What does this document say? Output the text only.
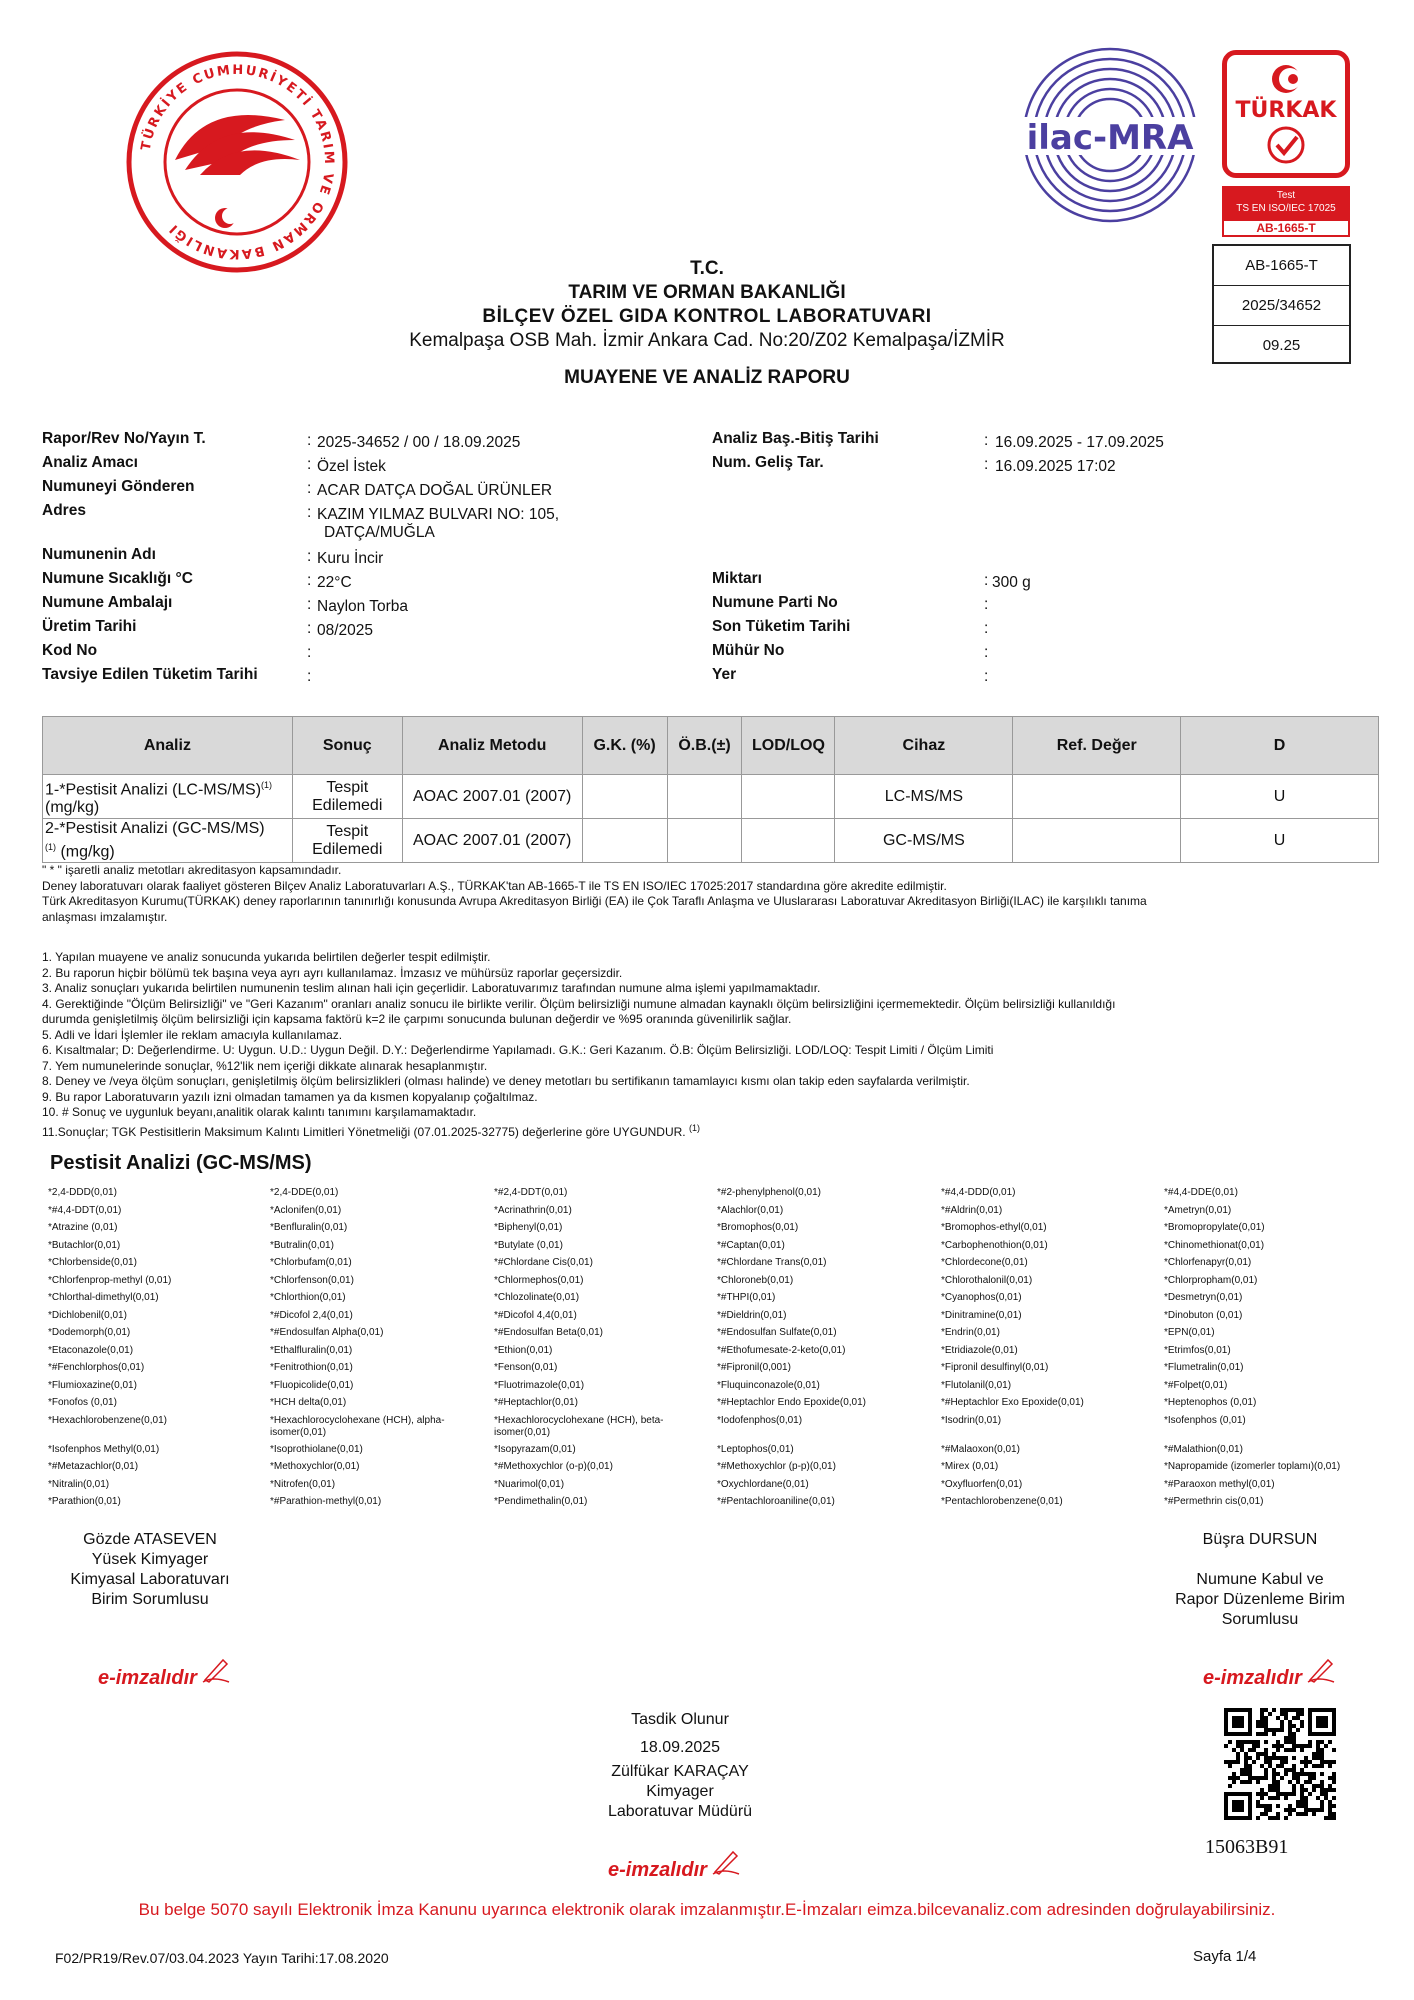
TÜRKİYE CUMHURİYETİ TARIM VE ORMAN BAKANLIĞI
ilac-MRA
TÜRKAK
Test
TS EN ISO/IEC 17025
AB-1665-T
AB-1665-T
2025/34652
09.25
T.C.
TARIM VE ORMAN BAKANLIĞI
BİLÇEV ÖZEL GIDA KONTROL LABORATUVARI
Kemalpaşa OSB Mah. İzmir Ankara Cad. No:20/Z02 Kemalpaşa/İZMİR
MUAYENE VE ANALİZ RAPORU
Rapor/Rev No/Yayın T.	: 2025-34652 / 00 / 18.09.2025
Analiz Amacı	: Özel İstek
Numuneyi Gönderen	: ACAR DATÇA DOĞAL ÜRÜNLER
Adres	: KAZIM YILMAZ BULVARI NO: 105,
DATÇA/MUĞLA
Numunenin Adı	: Kuru İncir
Numune Sıcaklığı °C	: 22°C
Numune Ambalajı	: Naylon Torba
Üretim Tarihi	: 08/2025
Kod No	:
Tavsiye Edilen Tüketim Tarihi	:
Analiz Baş.-Bitiş Tarihi	: 16.09.2025 - 17.09.2025
Num. Geliş Tar.	: 16.09.2025 17:02
Miktarı	: 300 g
Numune Parti No	:
Son Tüketim Tarihi	:
Mühür No	:
Yer	:
Analiz	Sonuç	Analiz Metodu	G.K. (%)	Ö.B.(±)	LOD/LOQ	Cihaz	Ref. Değer	D
1-*Pestisit Analizi $(LC-MS/MS)^{(1)}$
(mg/kg)	Tespit Edilemedi	AOAC 2007.01 (2007)				LC-MS/MS		U
2-*Pestisit Analizi (GC-MS/MS)
$^{(1)}$ (mg/kg)	Tespit Edilemedi	AOAC 2007.01 (2007)				GC-MS/MS		U
" * " işaretli analiz metotları akreditasyon kapsamındadır.
Deney laboratuvarı olarak faaliyet gösteren Bilçev Analiz Laboratuvarları A.Ş., TÜRKAK'tan AB-1665-T ile TS EN ISO/IEC 17025:2017 standardına göre akredite edilmiştir.
Türk Akreditasyon Kurumu(TÜRKAK) deney raporlarının tanınırlığı konusunda Avrupa Akreditasyon Birliği (EA) ile Çok Taraflı Anlaşma ve Uluslararası Laboratuvar Akreditasyon Birliği(ILAC) ile karşılıklı tanıma
anlaşması imzalamıştır.
1. Yapılan muayene ve analiz sonucunda yukarıda belirtilen değerler tespit edilmiştir.
2. Bu raporun hiçbir bölümü tek başına veya ayrı ayrı kullanılamaz. İmzasız ve mühürsüz raporlar geçersizdir.
3. Analiz sonuçları yukarıda belirtilen numunenin teslim alınan hali için geçerlidir. Laboratuvarımız tarafından numune alma işlemi yapılmamaktadır.
4. Gerektiğinde "Ölçüm Belirsizliği" ve "Geri Kazanım" oranları analiz sonucu ile birlikte verilir. Ölçüm belirsizliği numune almadan kaynaklı ölçüm belirsizliğini içermemektedir. Ölçüm belirsizliği kullanıldığı
durumda genişletilmiş ölçüm belirsizliği için kapsama faktörü k=2 ile çarpımı sonucunda bulunan değerdir ve %95 oranında güvenilirlik sağlar.
5. Adli ve İdari İşlemler ile reklam amacıyla kullanılamaz.
6. Kısaltmalar; D: Değerlendirme. U: Uygun. U.D.: Uygun Değil. D.Y.: Değerlendirme Yapılamadı. G.K.: Geri Kazanım. Ö.B: Ölçüm Belirsizliği. LOD/LOQ: Tespit Limiti / Ölçüm Limiti
7. Yem numunelerinde sonuçlar, %12'lik nem içeriği dikkate alınarak hesaplanmıştır.
8. Deney ve /veya ölçüm sonuçları, genişletilmiş ölçüm belirsizlikleri (olması halinde) ve deney metotları bu sertifikanın tamamlayıcı kısmı olan takip eden sayfalarda verilmiştir.
9. Bu rapor Laboratuvarın yazılı izni olmadan tamamen ya da kısmen kopyalanıp çoğaltılmaz.
10. # Sonuç ve uygunluk beyanı,analitik olarak kalıntı tanımını karşılamamaktadır.
11.Sonuçlar; TGK Pestisitlerin Maksimum Kalıntı Limitleri Yönetmeliği (07.01.2025-32775) değerlerine göre UYGUNDUR. $^{(1)}$
Pestisit Analizi (GC-MS/MS)
*2,4-DDD(0,01)
*#4,4-DDT(0,01)
*Atrazine (0,01)
*Butachlor(0,01)
*Chlorbenside(0,01)
*Chlorfenprop-methyl (0,01)
*Chlorthal-dimethyl(0,01)
*Dichlobenil(0,01)
*Dodemorph(0,01)
*Etaconazole(0,01)
*#Fenchlorphos(0,01)
*Flumioxazine(0,01)
*Fonofos (0,01)
*Hexachlorobenzene(0,01)
*Isofenphos Methyl(0,01)
*#Metazachlor(0,01)
*Nitralin(0,01)
*Parathion(0,01)
*2,4-DDE(0,01)
*Aclonifen(0,01)
*Benfluralin(0,01)
*Butralin(0,01)
*Chlorbufam(0,01)
*Chlorfenson(0,01)
*Chlorthion(0,01)
*#Dicofol 2,4(0,01)
*#Endosulfan Alpha(0,01)
*Ethalfluralin(0,01)
*Fenitrothion(0,01)
*Fluopicolide(0,01)
*HCH delta(0,01)
*Hexachlorocyclohexane (HCH), alpha-isomer(0,01)
*Isoprothiolane(0,01)
*Methoxychlor(0,01)
*Nitrofen(0,01)
*#Parathion-methyl(0,01)
*#2,4-DDT(0,01)
*Acrinathrin(0,01)
*Biphenyl(0,01)
*Butylate (0,01)
*#Chlordane Cis(0,01)
*Chlormephos(0,01)
*Chlozolinate(0,01)
*#Dicofol 4,4(0,01)
*#Endosulfan Beta(0,01)
*Ethion(0,01)
*Fenson(0,01)
*Fluotrimazole(0,01)
*#Heptachlor(0,01)
*Hexachlorocyclohexane (HCH), beta-isomer(0,01)
*Isopyrazam(0,01)
*#Methoxychlor (o-p)(0,01)
*Nuarimol(0,01)
*Pendimethalin(0,01)
*#2-phenylphenol(0,01)
*Alachlor(0,01)
*Bromophos(0,01)
*#Captan(0,01)
*#Chlordane Trans(0,01)
*Chloroneb(0,01)
*#THPI(0,01)
*#Dieldrin(0,01)
*#Endosulfan Sulfate(0,01)
*#Ethofumesate-2-keto(0,01)
*#Fipronil(0,001)
*Fluquinconazole(0,01)
*#Heptachlor Endo Epoxide(0,01)
*Iodofenphos(0,01)
*Leptophos(0,01)
*#Methoxychlor (p-p)(0,01)
*Oxychlordane(0,01)
*#Pentachloroaniline(0,01)
*#4,4-DDD(0,01)
*#Aldrin(0,01)
*Bromophos-ethyl(0,01)
*Carbophenothion(0,01)
*Chlordecone(0,01)
*Chlorothalonil(0,01)
*Cyanophos(0,01)
*Dinitramine(0,01)
*Endrin(0,01)
*Etridiazole(0,01)
*Fipronil desulfinyl(0,01)
*Flutolanil(0,01)
*#Heptachlor Exo Epoxide(0,01)
*Isodrin(0,01)
*#Malaoxon(0,01)
*Mirex (0,01)
*Oxyfluorfen(0,01)
*Pentachlorobenzene(0,01)
*#4,4-DDE(0,01)
*Ametryn(0,01)
*Bromopropylate(0,01)
*Chinomethionat(0,01)
*Chlorfenapyr(0,01)
*Chlorpropham(0,01)
*Desmetryn(0,01)
*Dinobuton (0,01)
*EPN(0,01)
*Etrimfos(0,01)
*Flumetralin(0,01)
*#Folpet(0,01)
*Heptenophos (0,01)
*Isofenphos (0,01)
*#Malathion(0,01)
*Napropamide (izomerler toplamı)(0,01)
*#Paraoxon methyl(0,01)
*#Permethrin cis(0,01)
Gözde ATASEVEN
Yüsek Kimyager
Kimyasal Laboratuvarı
Birim Sorumlusu
e-imzalıdır
Büşra DURSUN
Numune Kabul ve
Rapor Düzenleme Birim
Sorumlusu
e-imzalıdır
Tasdik Olunur
18.09.2025
Zülfükar KARAÇAY
Kimyager
Laboratuvar Müdürü
e-imzalıdır
15063B91
Bu belge 5070 sayılı Elektronik İmza Kanunu uyarınca elektronik olarak imzalanmıştır.E-İmzaları eimza.bilcevanaliz.com adresinden doğrulayabilirsiniz.
F02/PR19/Rev.07/03.04.2023 Yayın Tarihi:17.08.2020	Sayfa 1/4
